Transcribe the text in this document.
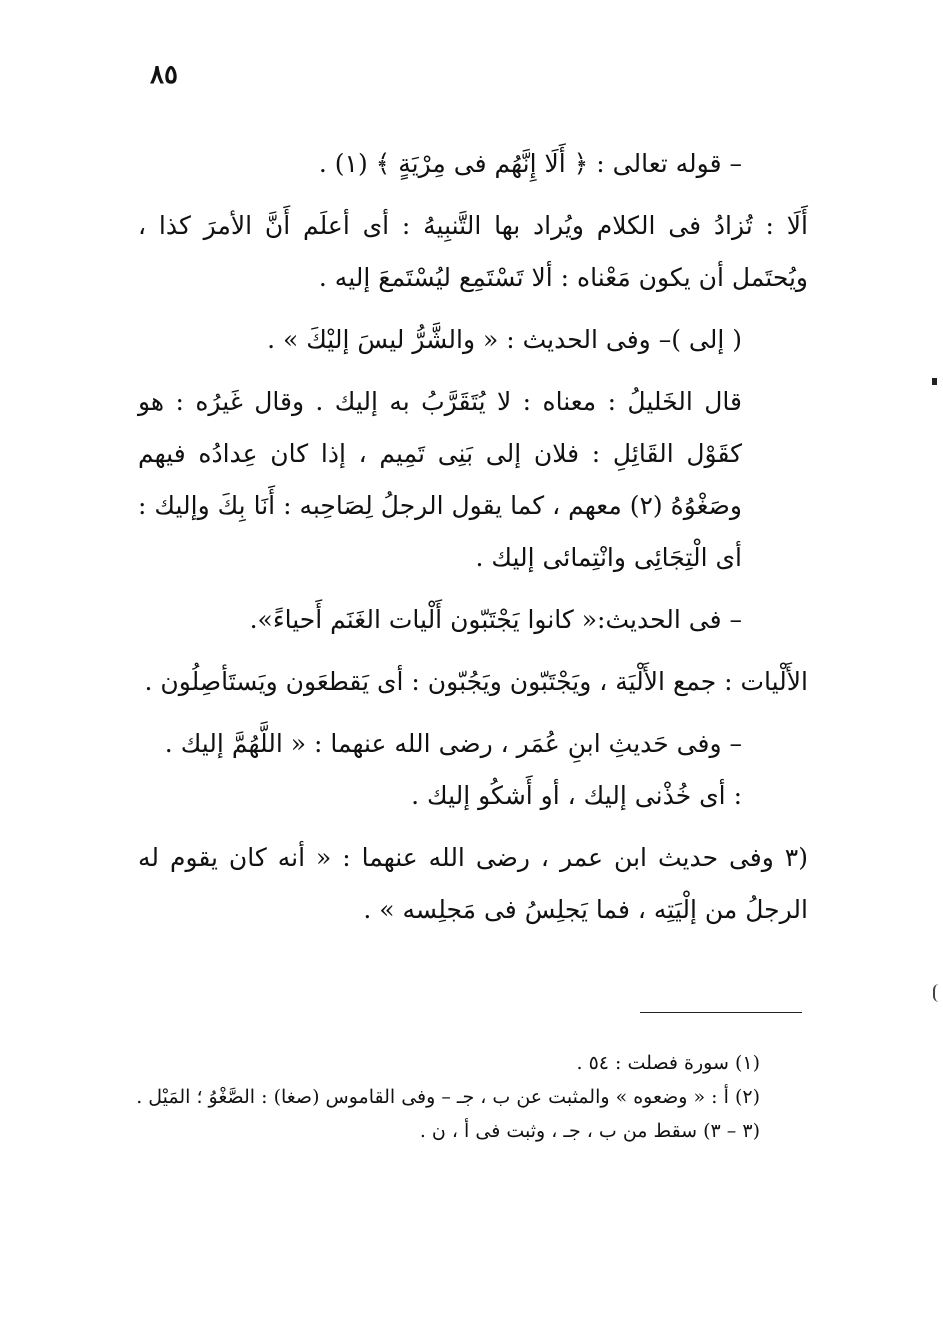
٨٥

– قوله تعالى : ﴿ أَلَا إِنَّهُم فى مِرْيَةٍ ﴾ (١) .

أَلَا : تُزادُ فى الكلام ويُراد بها التَّنبِيهُ : أى أعلَم أَنَّ الأمرَ كذا ، ويُحتَمل أن يكون مَعْناه : ألا تَسْتَمِع ليُسْتَمعَ إليه .

( إلى )– وفى الحديث : « والشَّرُّ ليسَ إليْكَ » .

قال الخَليلُ : معناه : لا يُتَقَرَّبُ به إليك . وقال غَيرُه : هو كقَوْل القَائِلِ : فلان إلى بَنِى تَمِيم ، إذا كان عِدادُه فيهم وصَغْوُهُ (٢) معهم ، كما يقول الرجلُ لِصَاحِبه : أَنَا بِكَ وإليك : أى الْتِجَائِى وانْتِمائى إليك .

– فى الحديث:« كانوا يَجْتَبّون أَلْيات الغَنَم أَحياءً».

الأَلْيات : جمع الأَلْيَة ، ويَجْتَبّون ويَجُبّون : أى يَقطعَون ويَستَأصِلُون .

– وفى حَديثِ ابنِ عُمَر ، رضى الله عنهما : « اللَّهُمَّ إليك .

: أى خُذْنى إليك ، أو أَشكُو إليك .

(٣ وفى حديث ابن عمر ، رضى الله عنهما : « أنه كان يقوم له الرجلُ من إلْيَتِه ، فما يَجلِسُ فى مَجلِسه » .

(١) سورة فصلت : ٥٤ .

(٢) أ : « وضعوه » والمثبت عن ب ، جـ – وفى القاموس (صغا) : الصَّغْوُ ؛ المَيْل .

(٣ – ٣) سقط من ب ، جـ ، وثبت فى أ ، ن .
